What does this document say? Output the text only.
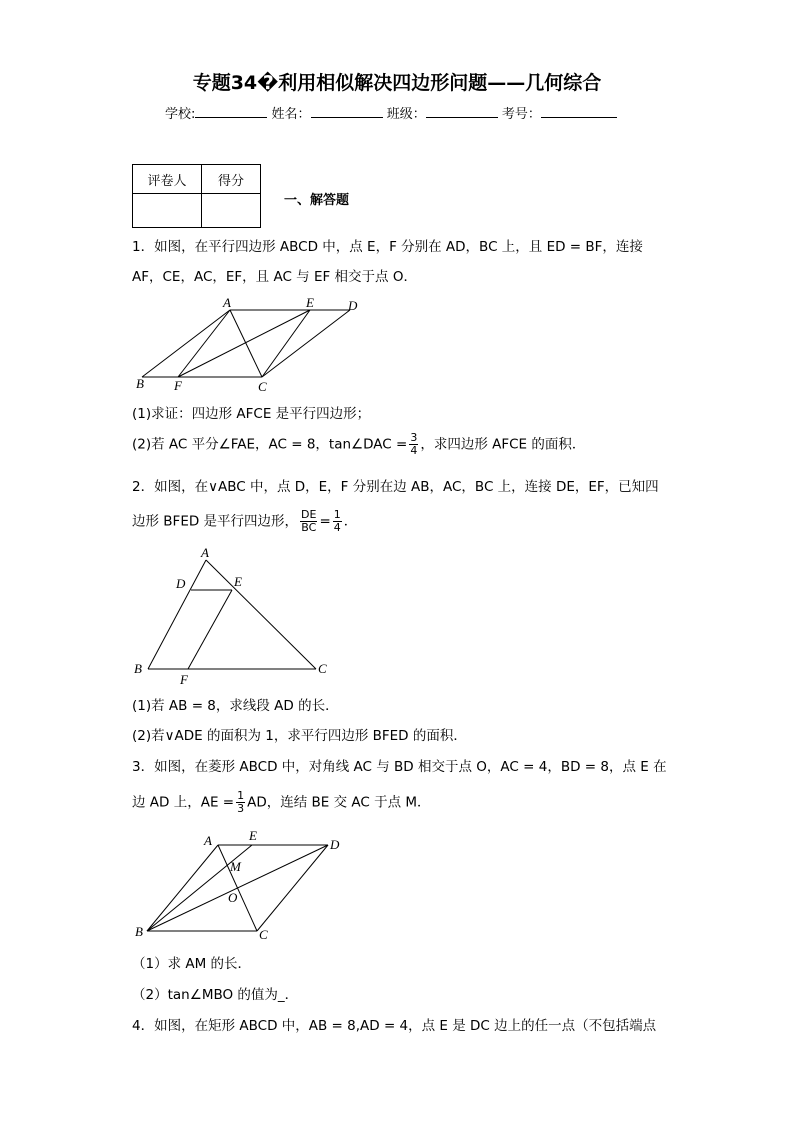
专题34�利用相似解决四边形问题——几何综合
学校:	姓名：	班级：	考号：
评卷人	得分

一、解答题
1．如图，在平行四边形 ABCD 中，点 E，F 分别在 AD，BC 上，且 ED = BF，连接
AF，CE，AC，EF，且 AC 与 EF 相交于点 O．
A	E	D
B F	C
(1)求证：四边形 AFCE 是平行四边形；
(2)若 AC 平分∠FAE，AC = 8，tan∠DAC = $\frac{3}{4}$ ，求四边形 AFCE 的面积．
2．如图，在∨ABC 中，点 D，E，F 分别在边 AB，AC，BC 上，连接 DE，EF，已知四
边形 BFED 是平行四边形， $\frac{DE}{BC} = \frac{1}{4}$ ．
A
D	E
B
F
C
(1)若 AB = 8，求线段 AD 的长．
(2)若∨ADE 的面积为 1，求平行四边形 BFED 的面积．
3．如图，在菱形 ABCD 中，对角线 AC 与 BD 相交于点 O，AC = 4，BD = 8，点 E 在
边 AD 上，AE = $\frac{1}{3}$ AD，连结 BE 交 AC 于点 M．
A	E
D
M
O
B	C
（1）求 AM 的长．
（2）tan∠MBO 的值为_．
4．如图，在矩形 ABCD 中，AB = 8,AD = 4，点 E 是 DC 边上的任一点（不包括端点
